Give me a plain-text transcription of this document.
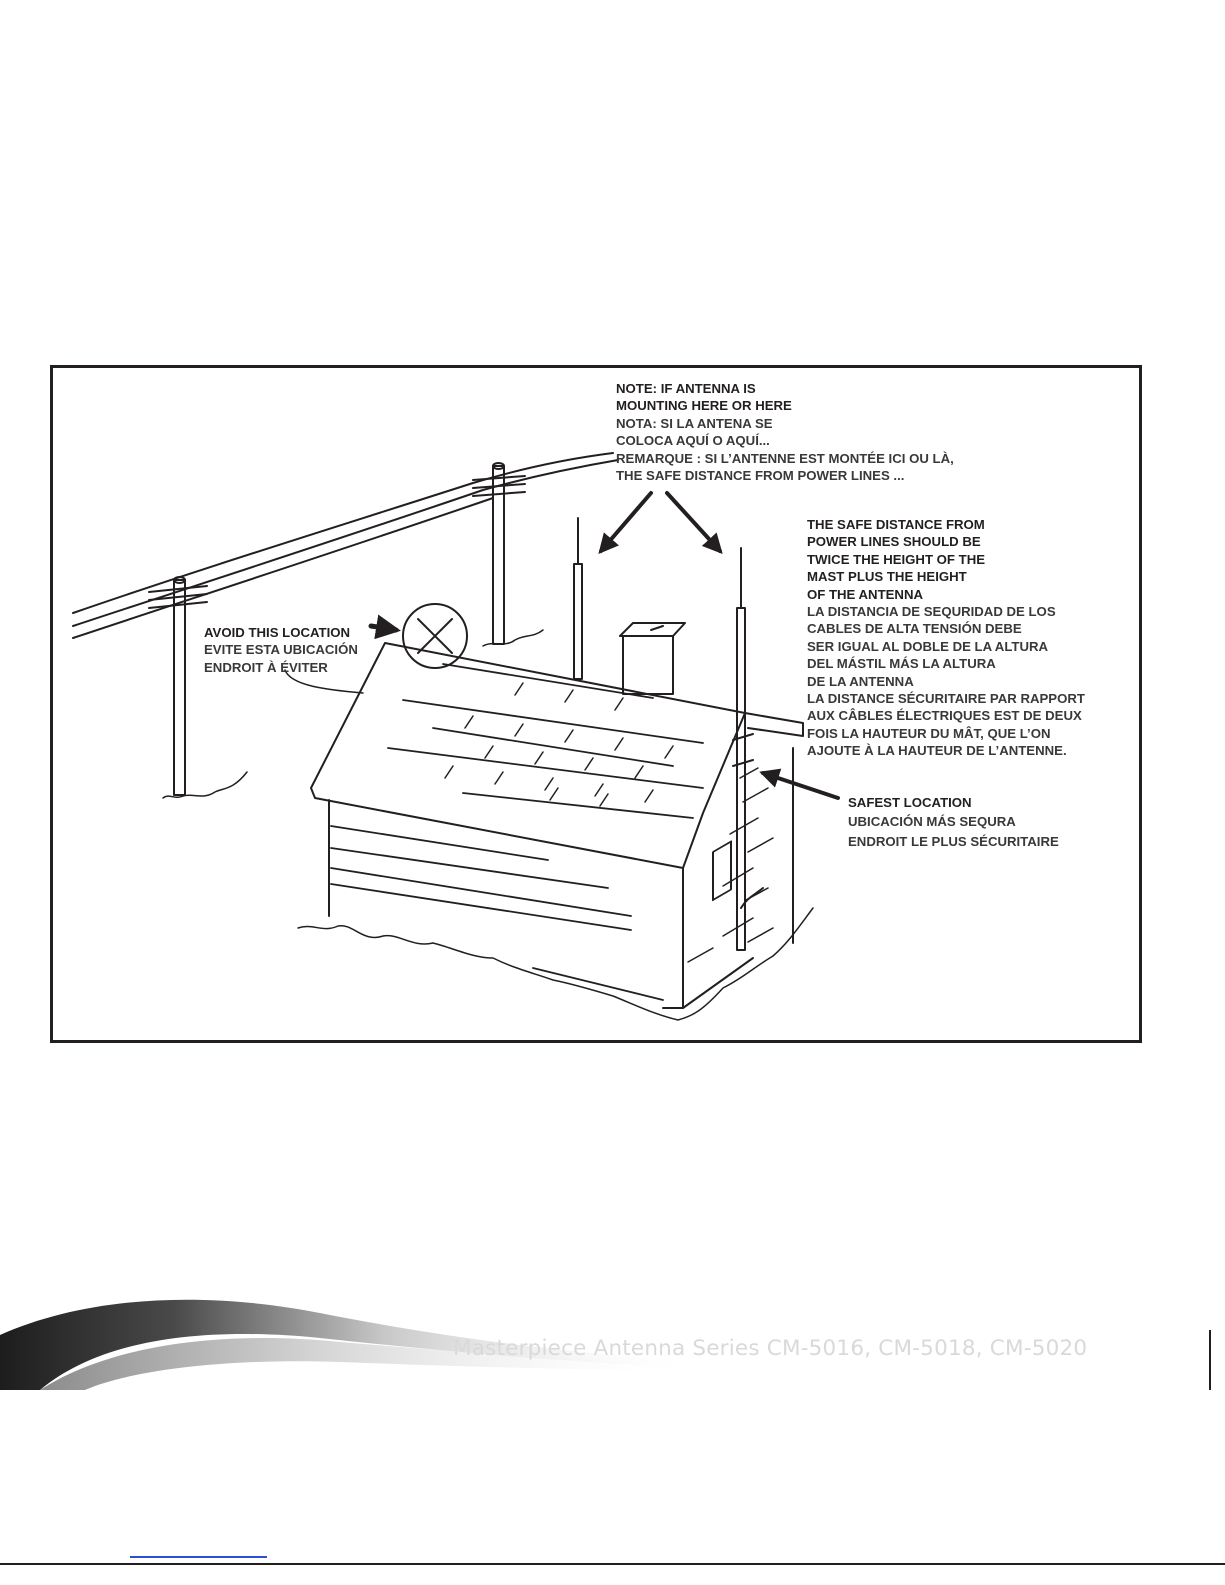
NOTE: IF ANTENNA IS
MOUNTING HERE OR HERE
NOTA: SI LA ANTENA SE
COLOCA AQUÍ O AQUÍ...
REMARQUE : SI L’ANTENNE EST MONTÉE ICI OU LÀ,
THE SAFE DISTANCE FROM POWER LINES ...
THE SAFE DISTANCE FROM
POWER LINES SHOULD BE
TWICE THE HEIGHT OF THE
MAST PLUS THE HEIGHT
OF THE ANTENNA
LA DISTANCIA DE SEQURIDAD DE LOS
CABLES DE ALTA TENSIÓN DEBE
SER IGUAL AL DOBLE DE LA ALTURA
DEL MÁSTIL MÁS LA ALTURA
DE LA ANTENNA
LA DISTANCE SÉCURITAIRE PAR RAPPORT
AUX CÂBLES ÉLECTRIQUES EST DE DEUX
FOIS LA HAUTEUR DU MÂT, QUE L’ON
AJOUTE À LA HAUTEUR DE L’ANTENNE.
AVOID THIS LOCATION
EVITE ESTA UBICACIÓN
ENDROIT À ÉVITER
SAFEST LOCATION
UBICACIÓN MÁS SEQURA
ENDROIT LE PLUS SÉCURITAIRE
Masterpiece Antenna Series CM-5016, CM-5018, CM-5020
